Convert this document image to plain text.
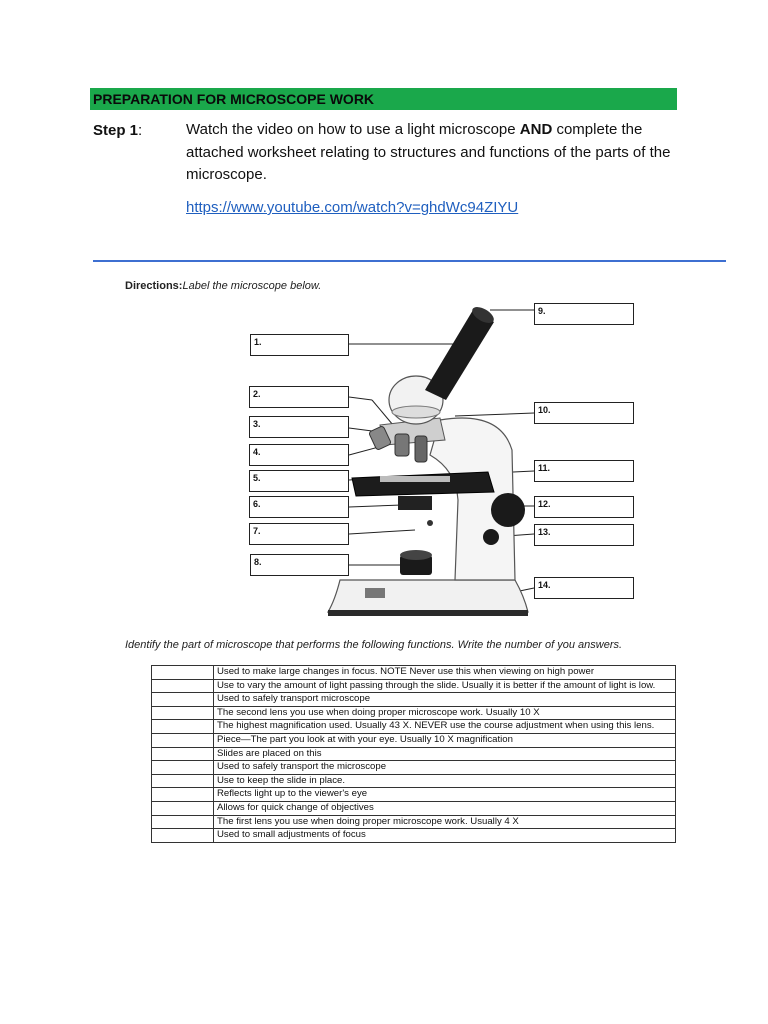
PREPARATION FOR MICROSCOPE WORK
Step 1:	Watch the video on how to use a light microscope AND complete the attached worksheet relating to structures and functions of the parts of the microscope.
https://www.youtube.com/watch?v=ghdWc94ZIYU
Directions:Label the microscope below.
1.
2.
3.
4.
5.
6.
7.
8.
9.
10.
11.
12.
13.
14.
Identify the part of microscope that performs the following functions. Write the number of you answers.
	Used to make large changes in focus. NOTE Never use this when viewing on high power
	Use to vary the amount of light passing through the slide. Usually it is better if the amount of light is low.
	Used to safely transport microscope
	The second lens you use when doing proper microscope work. Usually 10 X
	The highest magnification used. Usually 43 X. NEVER use the course adjustment when using this lens.
	Piece—The part you look at with your eye. Usually 10 X magnification
	Slides are placed on this
	Used to safely transport the microscope
	Use to keep the slide in place.
	Reflects light up to the viewer's eye
	Allows for quick change of objectives
	The first lens you use when doing proper microscope work. Usually 4 X
	Used to small adjustments of focus
